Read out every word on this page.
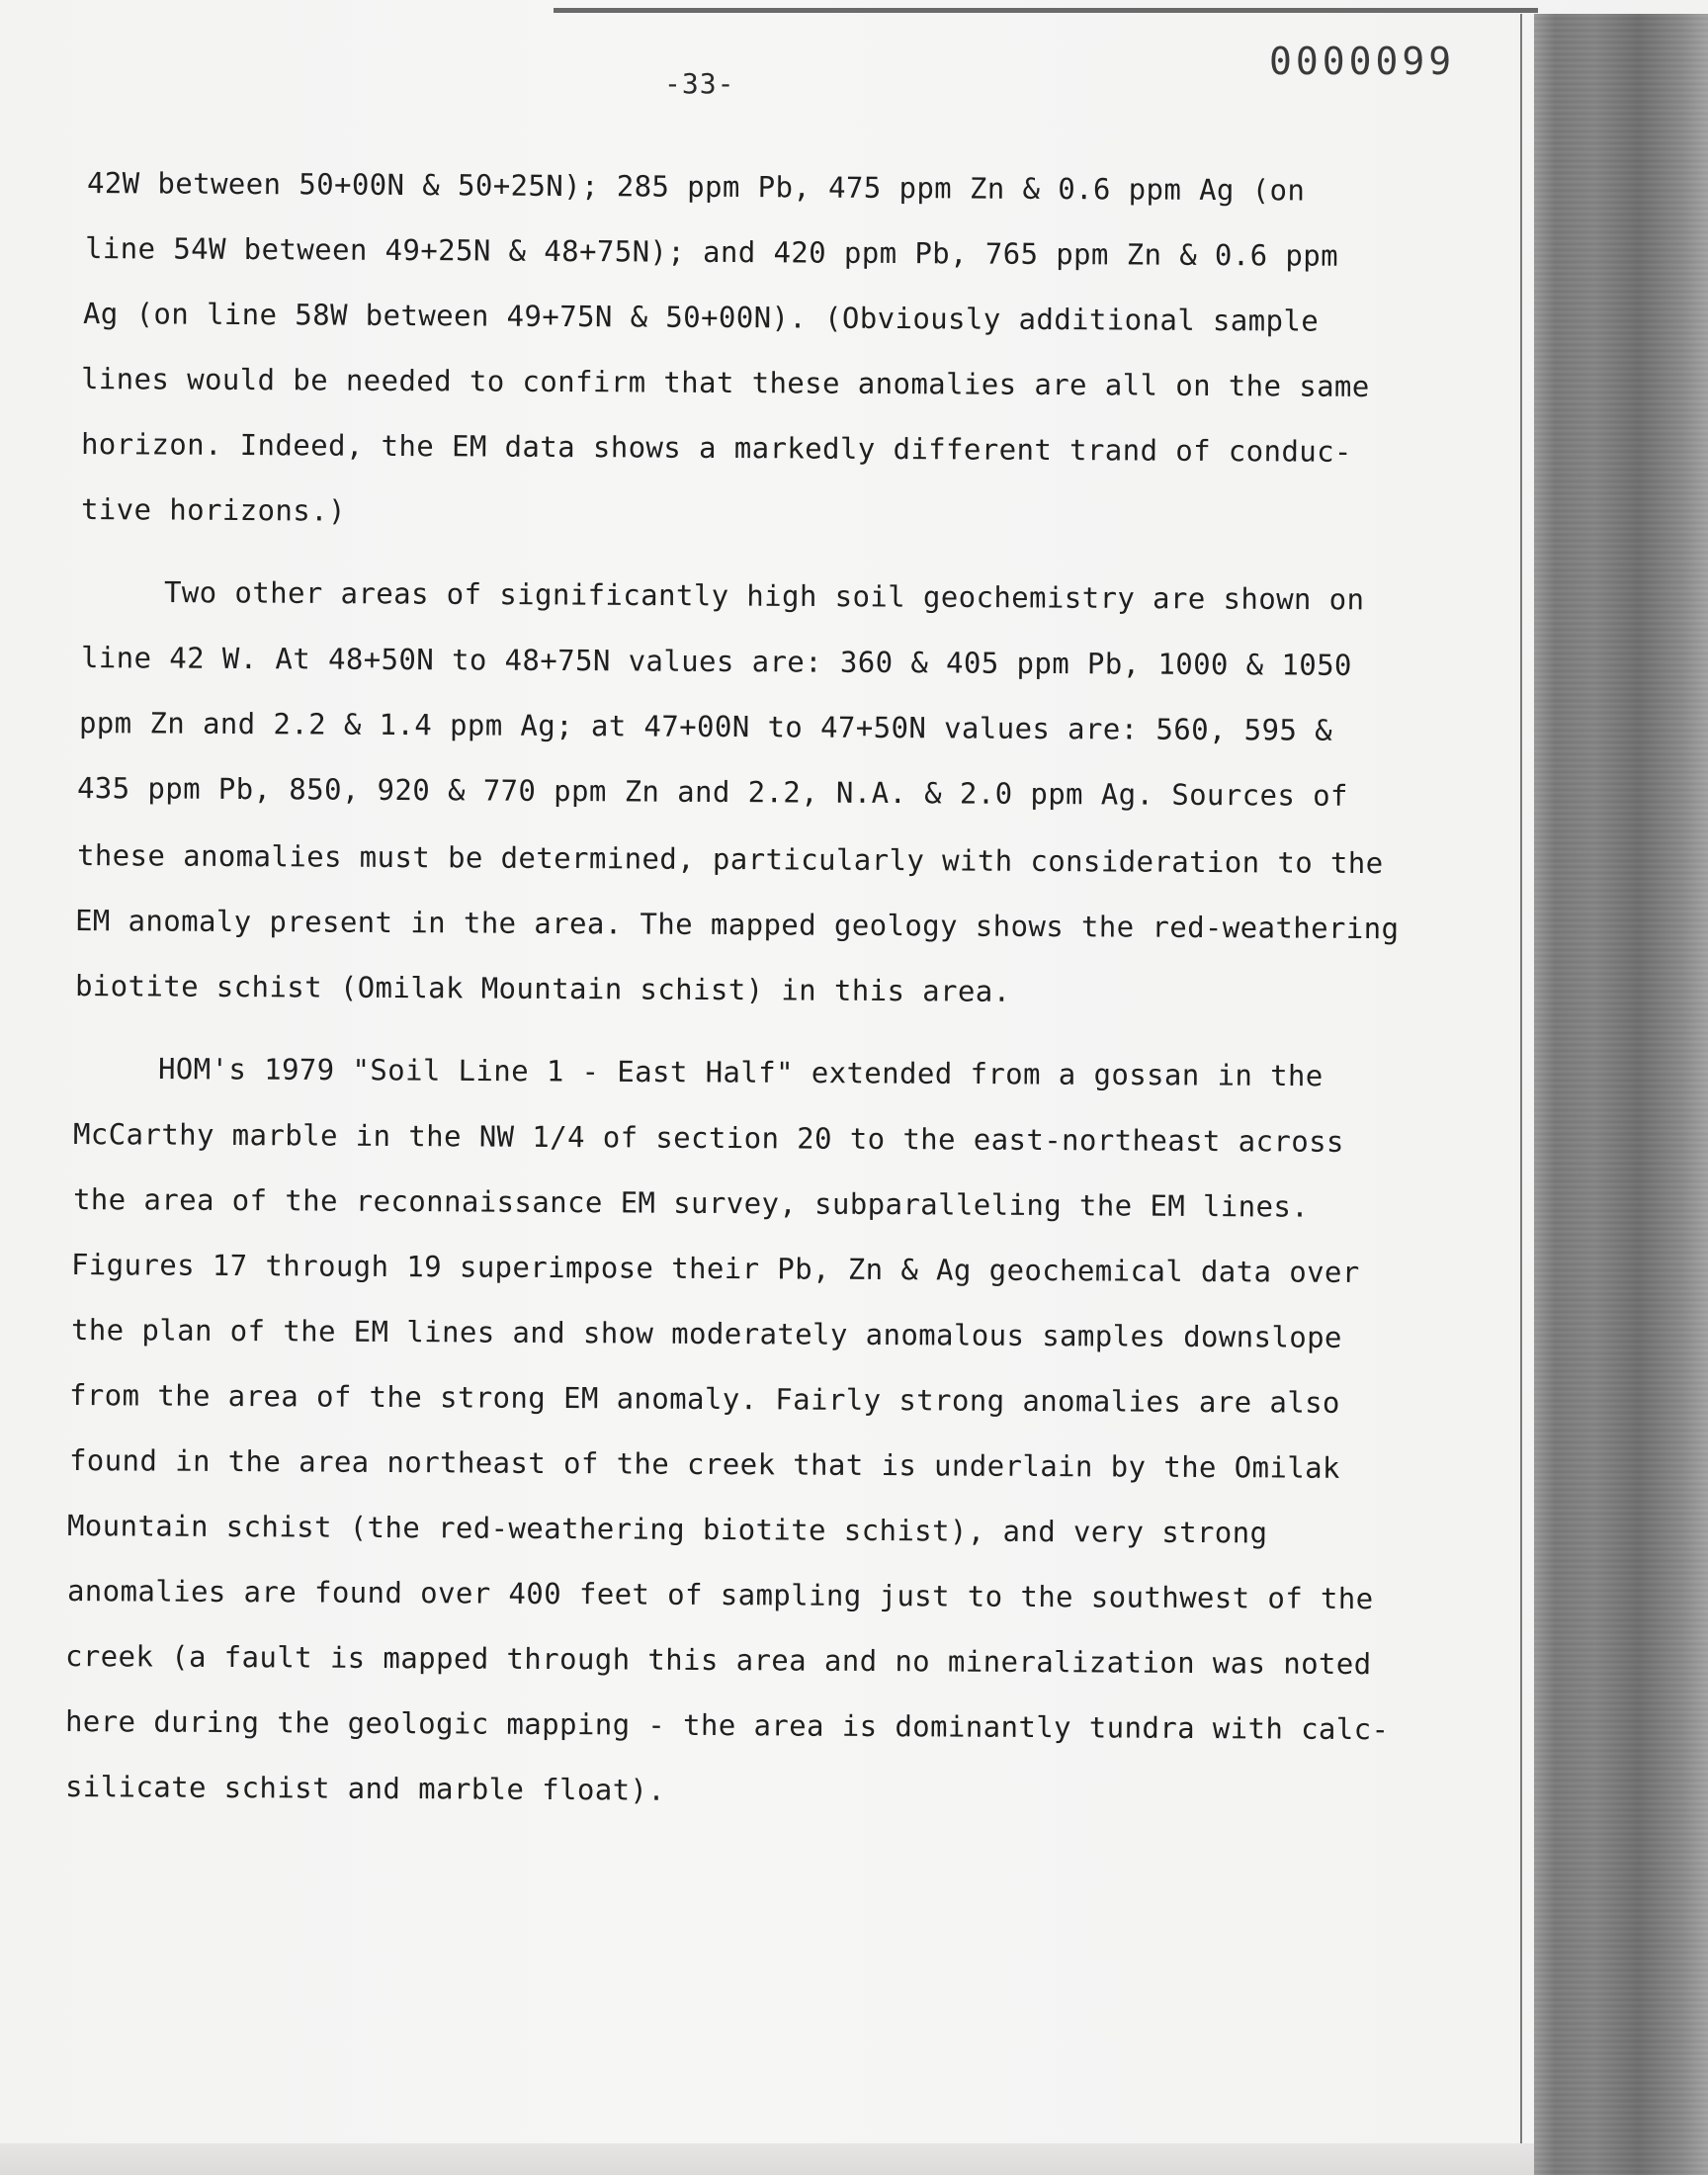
-33-
0000099
42W between 50+00N & 50+25N); 285 ppm Pb, 475 ppm Zn & 0.6 ppm Ag (on
line 54W between 49+25N & 48+75N); and 420 ppm Pb, 765 ppm Zn & 0.6 ppm
Ag (on line 58W between 49+75N & 50+00N). (Obviously additional sample
lines would be needed to confirm that these anomalies are all on the same
horizon. Indeed, the EM data shows a markedly different trand of conduc-
tive horizons.)
Two other areas of significantly high soil geochemistry are shown on
line 42 W. At 48+50N to 48+75N values are: 360 & 405 ppm Pb, 1000 & 1050
ppm Zn and 2.2 & 1.4 ppm Ag; at 47+00N to 47+50N values are: 560, 595 &
435 ppm Pb, 850, 920 & 770 ppm Zn and 2.2, N.A. & 2.0 ppm Ag. Sources of
these anomalies must be determined, particularly with consideration to the
EM anomaly present in the area. The mapped geology shows the red-weathering
biotite schist (Omilak Mountain schist) in this area.
HOM's 1979 "Soil Line 1 - East Half" extended from a gossan in the
McCarthy marble in the NW 1/4 of section 20 to the east-northeast across
the area of the reconnaissance EM survey, subparalleling the EM lines.
Figures 17 through 19 superimpose their Pb, Zn & Ag geochemical data over
the plan of the EM lines and show moderately anomalous samples downslope
from the area of the strong EM anomaly. Fairly strong anomalies are also
found in the area northeast of the creek that is underlain by the Omilak
Mountain schist (the red-weathering biotite schist), and very strong
anomalies are found over 400 feet of sampling just to the southwest of the
creek (a fault is mapped through this area and no mineralization was noted
here during the geologic mapping - the area is dominantly tundra with calc-
silicate schist and marble float).
